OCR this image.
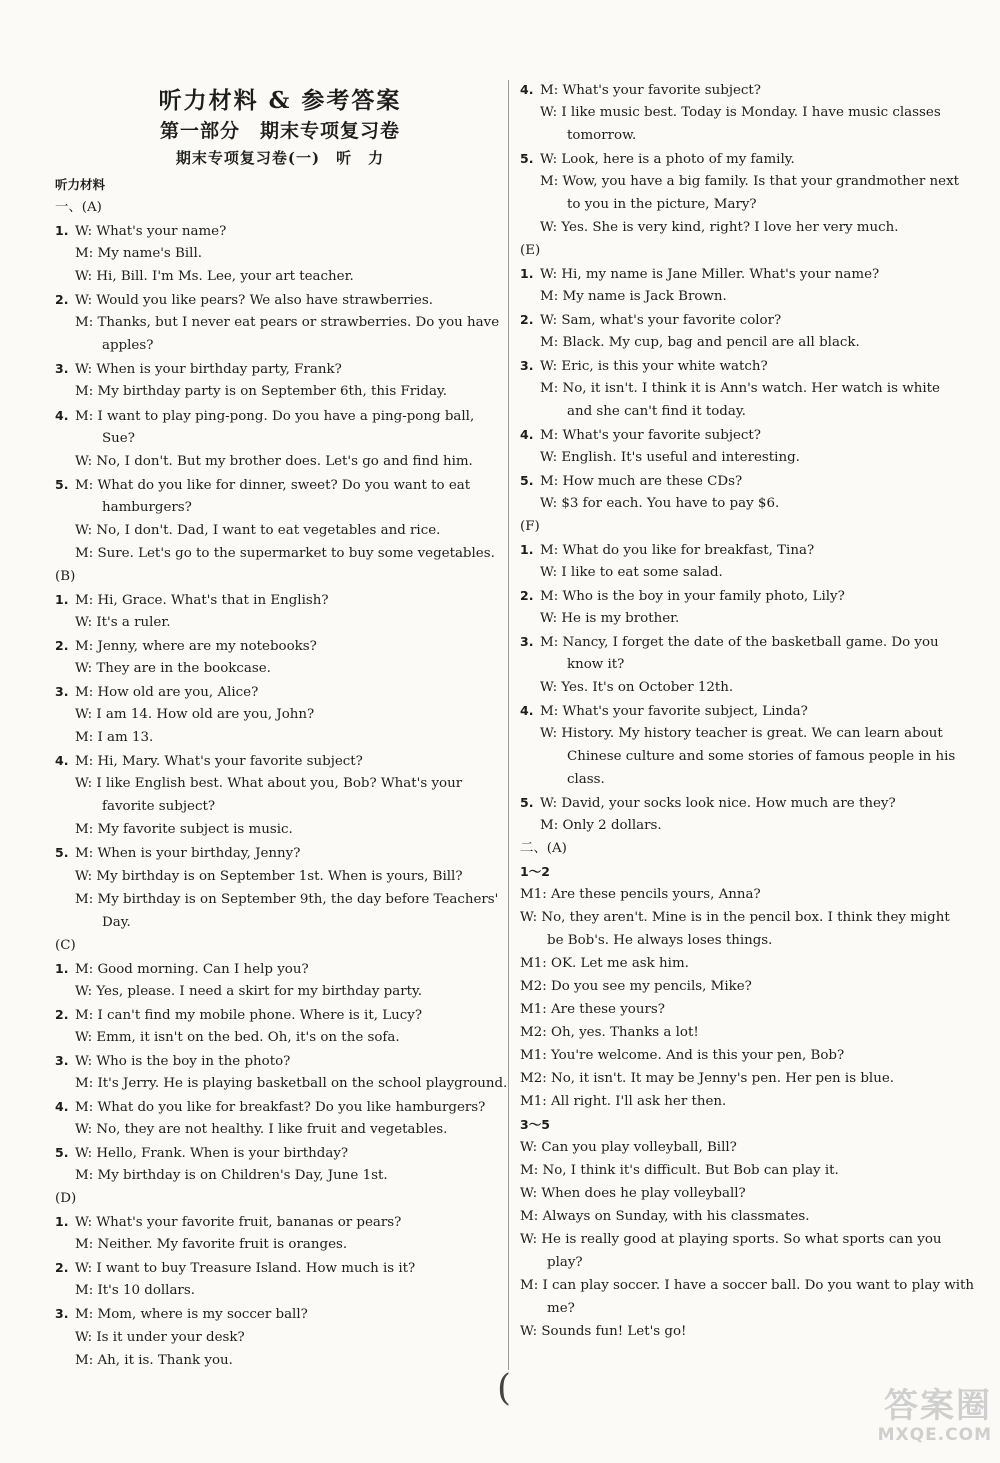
听力材料 & 参考答案
第一部分　期末专项复习卷
期末专项复习卷(一)　听　力
听力材料
一、(A)
1. W: What's your name?
M: My name's Bill.
W: Hi, Bill. I'm Ms. Lee, your art teacher.
2. W: Would you like pears? We also have strawberries.
M: Thanks, but I never eat pears or strawberries. Do you have
apples?
3. W: When is your birthday party, Frank?
M: My birthday party is on September 6th, this Friday.
4. M: I want to play ping-pong. Do you have a ping-pong ball,
Sue?
W: No, I don't. But my brother does. Let's go and find him.
5. M: What do you like for dinner, sweet? Do you want to eat
hamburgers?
W: No, I don't. Dad, I want to eat vegetables and rice.
M: Sure. Let's go to the supermarket to buy some vegetables.
(B)
1. M: Hi, Grace. What's that in English?
W: It's a ruler.
2. M: Jenny, where are my notebooks?
W: They are in the bookcase.
3. M: How old are you, Alice?
W: I am 14. How old are you, John?
M: I am 13.
4. M: Hi, Mary. What's your favorite subject?
W: I like English best. What about you, Bob? What's your
favorite subject?
M: My favorite subject is music.
5. M: When is your birthday, Jenny?
W: My birthday is on September 1st. When is yours, Bill?
M: My birthday is on September 9th, the day before Teachers'
Day.
(C)
1. M: Good morning. Can I help you?
W: Yes, please. I need a skirt for my birthday party.
2. M: I can't find my mobile phone. Where is it, Lucy?
W: Emm, it isn't on the bed. Oh, it's on the sofa.
3. W: Who is the boy in the photo?
M: It's Jerry. He is playing basketball on the school playground.
4. M: What do you like for breakfast? Do you like hamburgers?
W: No, they are not healthy. I like fruit and vegetables.
5. W: Hello, Frank. When is your birthday?
M: My birthday is on Children's Day, June 1st.
(D)
1. W: What's your favorite fruit, bananas or pears?
M: Neither. My favorite fruit is oranges.
2. W: I want to buy Treasure Island. How much is it?
M: It's 10 dollars.
3. M: Mom, where is my soccer ball?
W: Is it under your desk?
M: Ah, it is. Thank you.
4. M: What's your favorite subject?
W: I like music best. Today is Monday. I have music classes
tomorrow.
5. W: Look, here is a photo of my family.
M: Wow, you have a big family. Is that your grandmother next
to you in the picture, Mary?
W: Yes. She is very kind, right? I love her very much.
(E)
1. W: Hi, my name is Jane Miller. What's your name?
M: My name is Jack Brown.
2. W: Sam, what's your favorite color?
M: Black. My cup, bag and pencil are all black.
3. W: Eric, is this your white watch?
M: No, it isn't. I think it is Ann's watch. Her watch is white
and she can't find it today.
4. M: What's your favorite subject?
W: English. It's useful and interesting.
5. M: How much are these CDs?
W: $3 for each. You have to pay $6.
(F)
1. M: What do you like for breakfast, Tina?
W: I like to eat some salad.
2. M: Who is the boy in your family photo, Lily?
W: He is my brother.
3. M: Nancy, I forget the date of the basketball game. Do you
know it?
W: Yes. It's on October 12th.
4. M: What's your favorite subject, Linda?
W: History. My history teacher is great. We can learn about
Chinese culture and some stories of famous people in his
class.
5. W: David, your socks look nice. How much are they?
M: Only 2 dollars.
二、(A)
1～2
M1: Are these pencils yours, Anna?
W: No, they aren't. Mine is in the pencil box. I think they might
be Bob's. He always loses things.
M1: OK. Let me ask him.
M2: Do you see my pencils, Mike?
M1: Are these yours?
M2: Oh, yes. Thanks a lot!
M1: You're welcome. And is this your pen, Bob?
M2: No, it isn't. It may be Jenny's pen. Her pen is blue.
M1: All right. I'll ask her then.
3～5
W: Can you play volleyball, Bill?
M: No, I think it's difficult. But Bob can play it.
W: When does he play volleyball?
M: Always on Sunday, with his classmates.
W: He is really good at playing sports. So what sports can you
play?
M: I can play soccer. I have a soccer ball. Do you want to play with
me?
W: Sounds fun! Let's go!
(	答案圈
MXQE.COM
